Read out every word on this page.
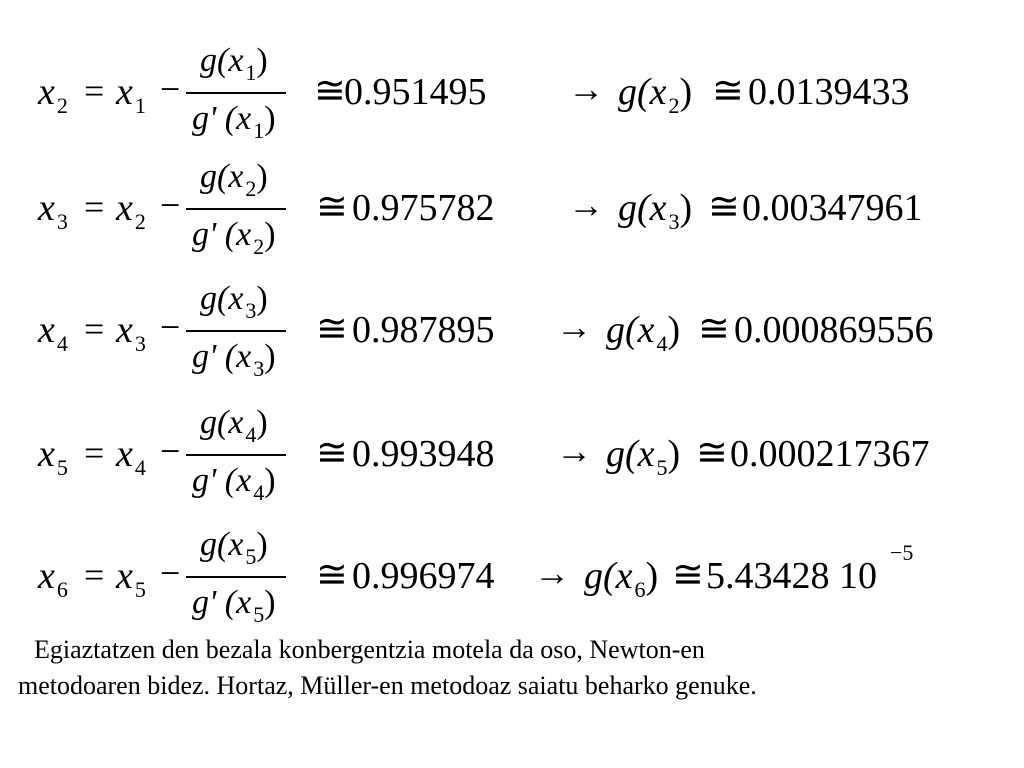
$x_2 = x_1$ −
$g(x_1)$
g' $(x_1)$
≅
$0.951495 \to g(x_2)$ ≅ 0.0139433
$x_3 = x_2$ −
$g(x_2)$
g' $(x_2)$
≅ $0.975782 \to g(x_3)$ ≅ 0.00347961
$x_4 = x_3$ −
$g(x_3)$
g' $(x_3)$
≅ $0.987895 \to g(x_4)$ ≅ 0.000869556
$x_5 = x_4$ −
$g(x_4)$
g' $(x_4)$
≅ $0.993948 \to g(x_5)$ ≅ 0.000217367
$x_6 = x_5$ −
$g(x_5)$
g' $(x_5)$
≅ $0.996974 \to g(x_6)$ ≅ 5.43428 10
−5
Egiaztatzen den bezala konbergentzia motela da oso, Newton-en
metodoaren bidez. Hortaz, Müller-en metodoaz saiatu beharko genuke.
